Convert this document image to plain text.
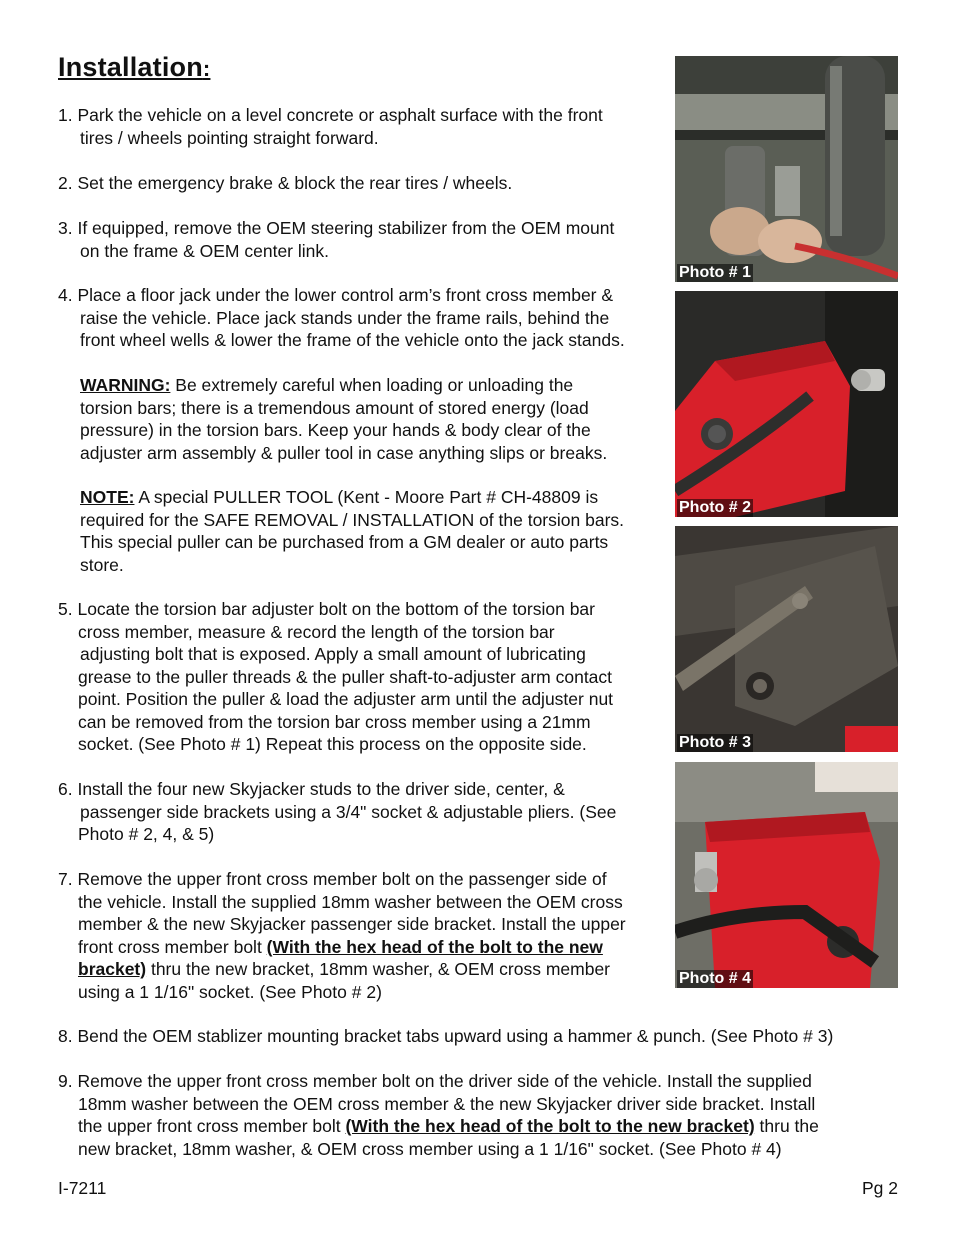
Installation:
1. Park the vehicle on a level concrete or asphalt surface with the front
tires / wheels pointing straight forward.
2. Set the emergency brake & block the rear tires / wheels.
3. If equipped, remove the OEM steering stabilizer from the OEM mount
on the frame & OEM center link.
4. Place a floor jack under the lower control arm’s front cross member &
raise the vehicle. Place jack stands under the frame rails, behind the
front wheel wells & lower the frame of the vehicle onto the jack stands.
WARNING: Be extremely careful when loading or unloading the
torsion bars; there is a tremendous amount of stored energy (load
pressure) in the torsion bars. Keep your hands & body clear of the
adjuster arm assembly & puller tool in case anything slips or breaks.
NOTE: A special PULLER TOOL (Kent - Moore Part # CH-48809 is
required for the SAFE REMOVAL / INSTALLATION of the torsion bars.
This special puller can be purchased from a GM dealer or auto parts
store.
5. Locate the torsion bar adjuster bolt on the bottom of the torsion bar
cross member, measure & record the length of the torsion bar
adjusting bolt that is exposed. Apply a small amount of lubricating
grease to the puller threads & the puller shaft-to-adjuster arm contact
point. Position the puller & load the adjuster arm until the adjuster nut
can be removed from the torsion bar cross member using a 21mm
socket. (See Photo # 1) Repeat this process on the opposite side.
6. Install the four new Skyjacker studs to the driver side, center, &
passenger side brackets using a 3/4" socket & adjustable pliers. (See
Photo # 2, 4, & 5)
7. Remove the upper front cross member bolt on the passenger side of
the vehicle. Install the supplied 18mm washer between the OEM cross
member & the new Skyjacker passenger side bracket. Install the upper
front cross member bolt (With the hex head of the bolt to the new
bracket) thru the new bracket, 18mm washer, & OEM cross member
using a 1 1/16" socket. (See Photo # 2)
8. Bend the OEM stablizer mounting bracket tabs upward using a hammer & punch. (See Photo # 3)
9. Remove the upper front cross member bolt on the driver side of the vehicle. Install the supplied
18mm washer between the OEM cross member & the new Skyjacker driver side bracket. Install
the upper front cross member bolt (With the hex head of the bolt to the new bracket) thru the
new bracket, 18mm washer, & OEM cross member using a 1 1/16" socket. (See Photo # 4)
Photo # 1
Photo # 2
Photo # 3
Photo # 4
I-7211	Pg 2
